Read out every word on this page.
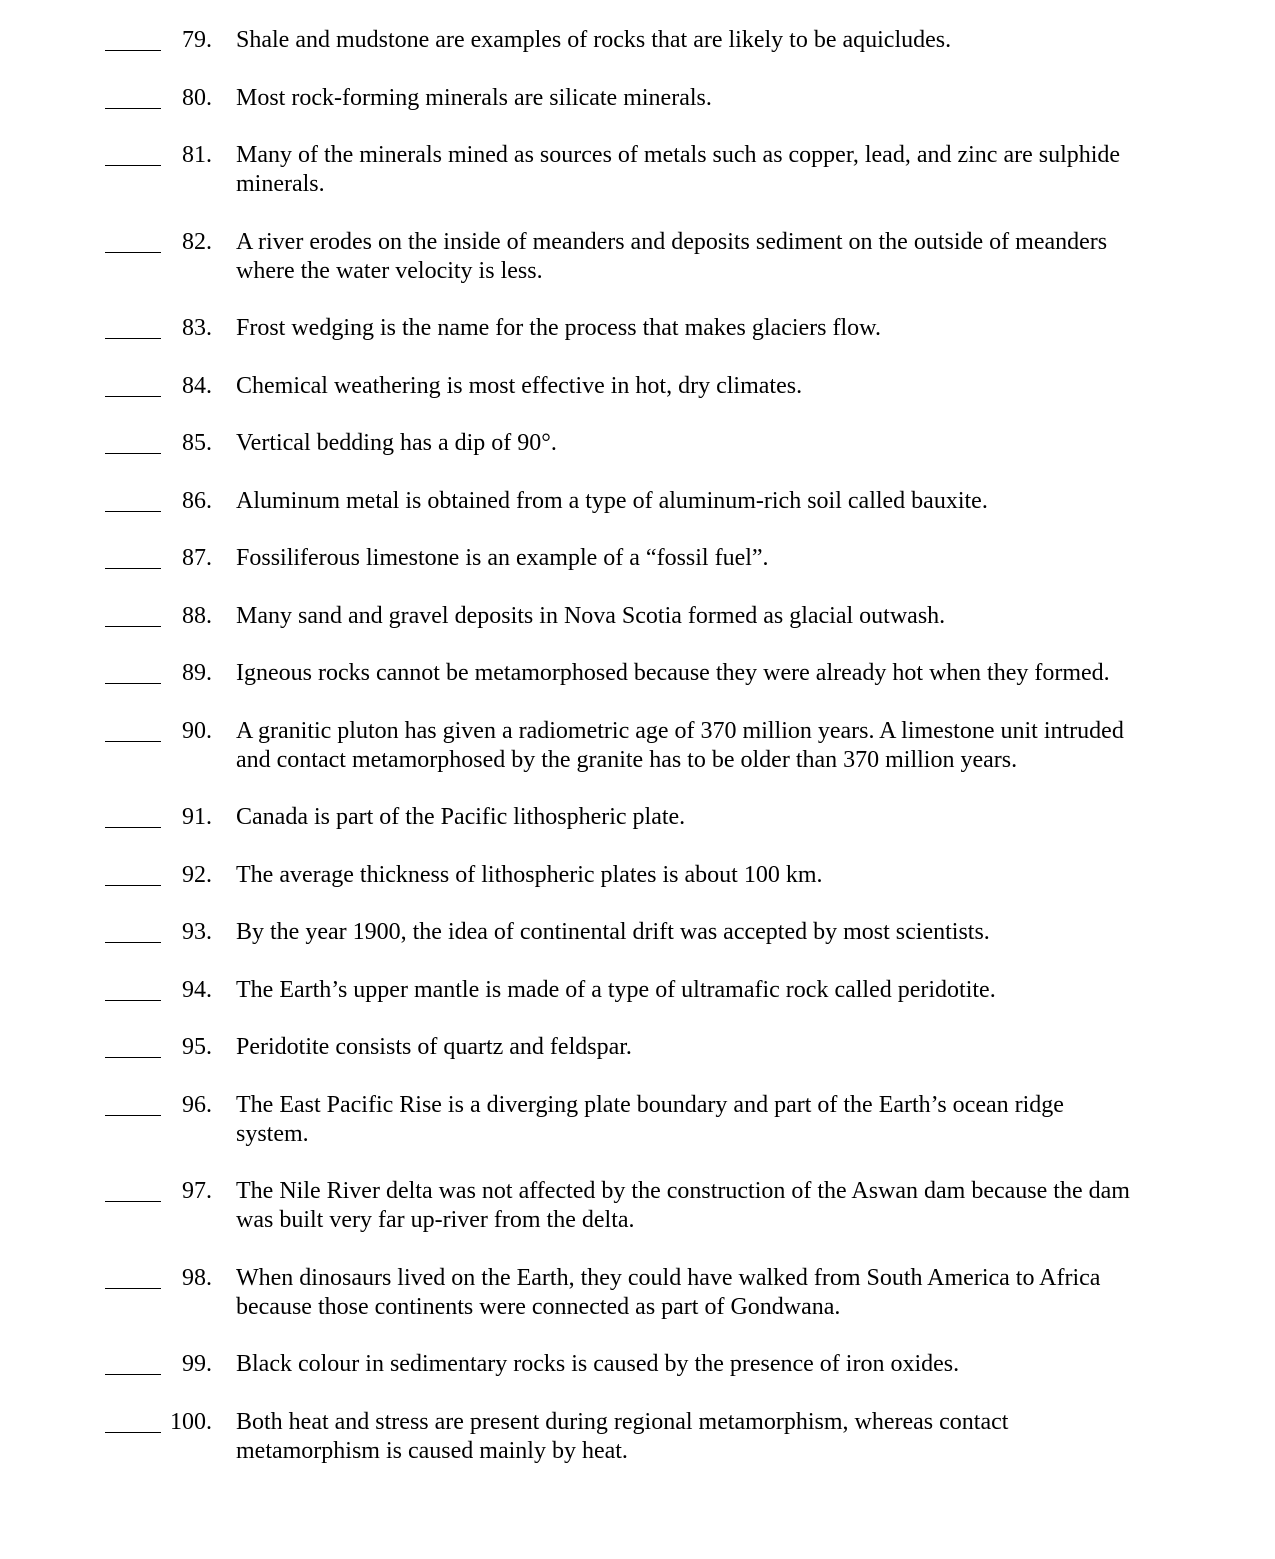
79. Shale and mudstone are examples of rocks that are likely to be aquicludes.
80. Most rock-forming minerals are silicate minerals.
81. Many of the minerals mined as sources of metals such as copper, lead, and zinc are sulphide
minerals.
82. A river erodes on the inside of meanders and deposits sediment on the outside of meanders
where the water velocity is less.
83. Frost wedging is the name for the process that makes glaciers flow.
84. Chemical weathering is most effective in hot, dry climates.
85. Vertical bedding has a dip of 90°.
86. Aluminum metal is obtained from a type of aluminum-rich soil called bauxite.
87. Fossiliferous limestone is an example of a “fossil fuel”.
88. Many sand and gravel deposits in Nova Scotia formed as glacial outwash.
89. Igneous rocks cannot be metamorphosed because they were already hot when they formed.
90. A granitic pluton has given a radiometric age of 370 million years. A limestone unit intruded
and contact metamorphosed by the granite has to be older than 370 million years.
91. Canada is part of the Pacific lithospheric plate.
92. The average thickness of lithospheric plates is about 100 km.
93. By the year 1900, the idea of continental drift was accepted by most scientists.
94. The Earth’s upper mantle is made of a type of ultramafic rock called peridotite.
95. Peridotite consists of quartz and feldspar.
96. The East Pacific Rise is a diverging plate boundary and part of the Earth’s ocean ridge
system.
97. The Nile River delta was not affected by the construction of the Aswan dam because the dam
was built very far up-river from the delta.
98. When dinosaurs lived on the Earth, they could have walked from South America to Africa
because those continents were connected as part of Gondwana.
99. Black colour in sedimentary rocks is caused by the presence of iron oxides.
100. Both heat and stress are present during regional metamorphism, whereas contact
metamorphism is caused mainly by heat.
